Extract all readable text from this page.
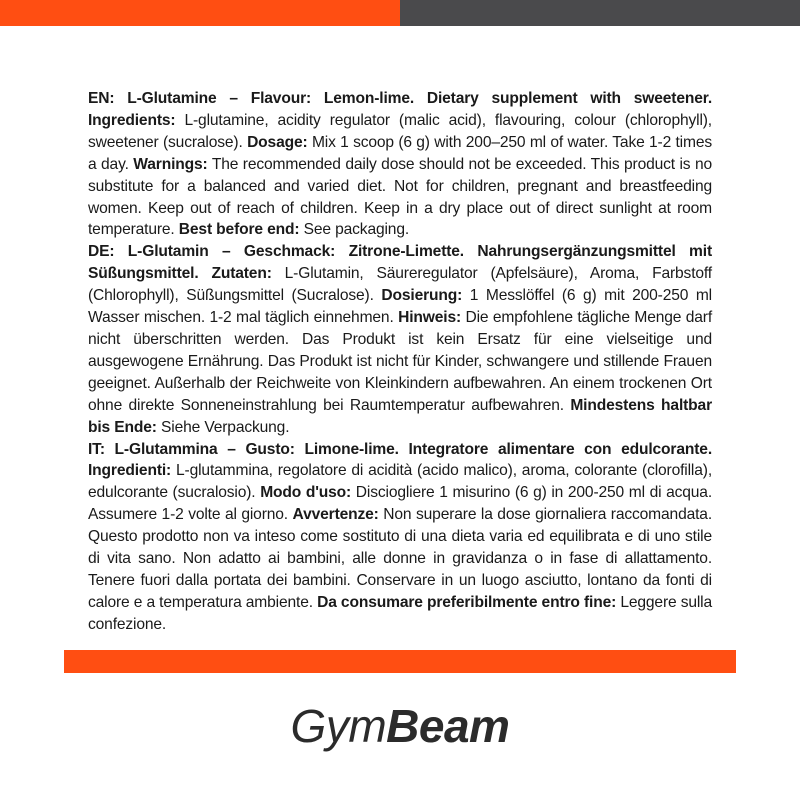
EN: L-Glutamine – Flavour: Lemon-lime. Dietary supplement with sweetener. Ingredients: L-glutamine, acidity regulator (malic acid), flavouring, colour (chlorophyll), sweetener (sucralose). Dosage: Mix 1 scoop (6 g) with 200–250 ml of water. Take 1-2 times a day. Warnings: The recommended daily dose should not be exceeded. This product is no substitute for a balanced and varied diet. Not for children, pregnant and breastfeeding women. Keep out of reach of children. Keep in a dry place out of direct sunlight at room temperature. Best before end: See packaging.

DE: L-Glutamin – Geschmack: Zitrone-Limette. Nahrungsergänzungsmittel mit Süßungsmittel. Zutaten: L-Glutamin, Säureregulator (Apfelsäure), Aroma, Farbstoff (Chlorophyll), Süßungsmittel (Sucralose). Dosierung: 1 Messlöffel (6 g) mit 200-250 ml Wasser mischen. 1-2 mal täglich einnehmen. Hinweis: Die empfohlene tägliche Menge darf nicht überschritten werden. Das Produkt ist kein Ersatz für eine vielseitige und ausgewogene Ernährung. Das Produkt ist nicht für Kinder, schwangere und stillende Frauen geeignet. Außerhalb der Reichweite von Kleinkindern aufbewahren. An einem trockenen Ort ohne direkte Sonneneinstrahlung bei Raumtemperatur aufbewahren. Mindestens haltbar bis Ende: Siehe Verpackung.

IT: L-Glutammina – Gusto: Limone-lime. Integratore alimentare con edulcorante. Ingredienti: L-glutammina, regolatore di acidità (acido malico), aroma, colorante (clorofilla), edulcorante (sucralosio). Modo d'uso: Disciogliere 1 misurino (6 g) in 200-250 ml di acqua. Assumere 1-2 volte al giorno. Avvertenze: Non superare la dose giornaliera raccomandata. Questo prodotto non va inteso come sostituto di una dieta varia ed equilibrata e di uno stile di vita sano. Non adatto ai bambini, alle donne in gravidanza o in fase di allattamento. Tenere fuori dalla portata dei bambini. Conservare in un luogo asciutto, lontano da fonti di calore e a temperatura ambiente. Da consumare preferibilmente entro fine: Leggere sulla confezione.

GymBeam
